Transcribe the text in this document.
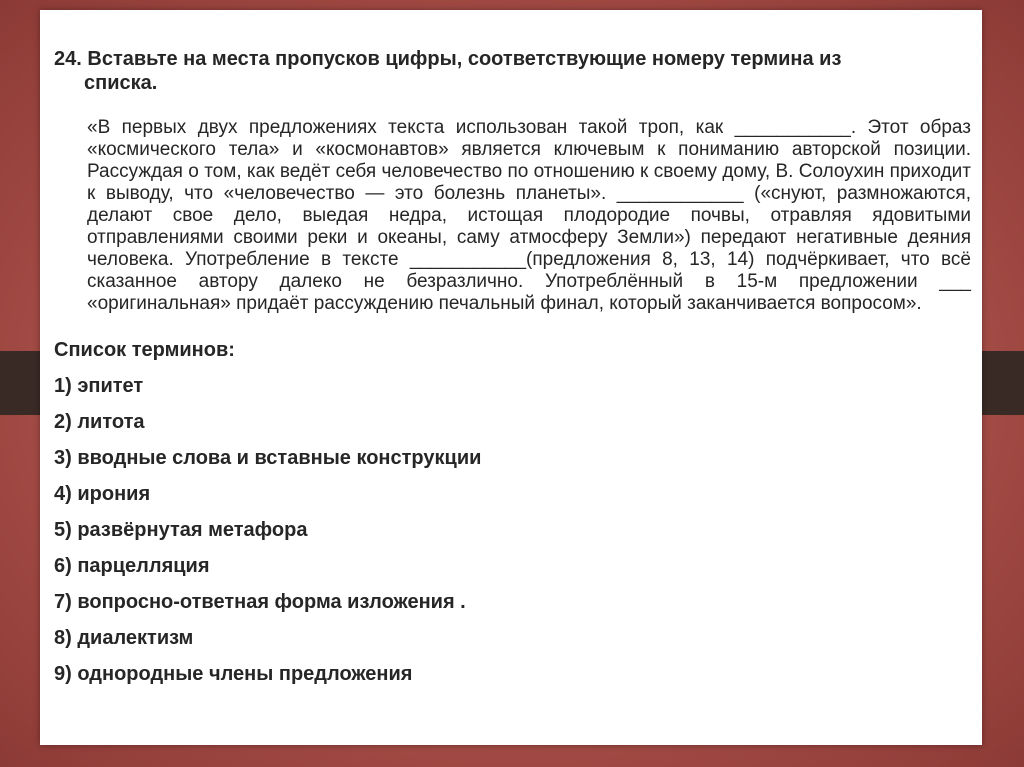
24. Вставьте на места пропусков цифры, соответствующие номеру термина из
списка.

«В первых двух предложениях текста использован такой троп, как ___________. Этот образ «космического тела» и «космонавтов» является ключевым к пониманию авторской позиции. Рассуждая о том, как ведёт себя человечество по отношению к своему дому, В. Солоухин приходит к выводу, что «человечество — это болезнь планеты». ____________ («снуют, размножаются, делают свое дело, выедая недра, истощая плодородие почвы, отравляя ядовитыми отправлениями своими реки и океаны, саму атмосферу Земли») передают негативные деяния человека. Употребление в тексте ___________(предложения 8, 13, 14) подчёркивает, что всё сказанное автору далеко не безразлично. Употреблённый в 15-м предложении ___ «оригинальная» придаёт рассуждению печальный финал, который заканчивается вопросом».

Список терминов:

1) эпитет
2) литота
3) вводные слова и вставные конструкции
4) ирония
5) развёрнутая метафора
6) парцелляция
7) вопросно-ответная форма изложения .
8) диалектизм
9) однородные члены предложения
